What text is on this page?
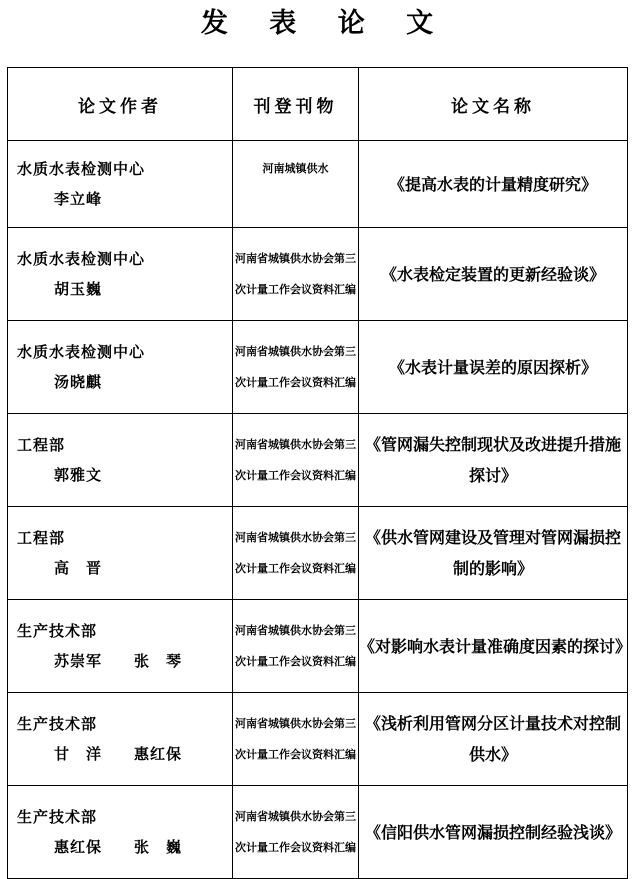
发 表 论 文
论文作者	刊登刊物	论文名称

水质水表检测中心
李立峰	河南城镇供水	《提高水表的计量精度研究》

水质水表检测中心
胡玉巍	河南省城镇供水协会第三次计量工作会议资料汇编	《水表检定装置的更新经验谈》

水质水表检测中心
汤晓麒	河南省城镇供水协会第三次计量工作会议资料汇编	《水表计量误差的原因探析》

工程部
郭雅文	河南省城镇供水协会第三次计量工作会议资料汇编	《管网漏失控制现状及改进提升措施探讨》

工程部
高　晋	河南省城镇供水协会第三次计量工作会议资料汇编	《供水管网建设及管理对管网漏损控制的影响》

生产技术部
苏崇军　　张　琴	河南省城镇供水协会第三次计量工作会议资料汇编	《对影响水表计量准确度因素的探讨》

生产技术部
甘　洋　　惠红保	河南省城镇供水协会第三次计量工作会议资料汇编	《浅析利用管网分区计量技术对控制供水》

生产技术部
惠红保　　张　巍	河南省城镇供水协会第三次计量工作会议资料汇编	《信阳供水管网漏损控制经验浅谈》
